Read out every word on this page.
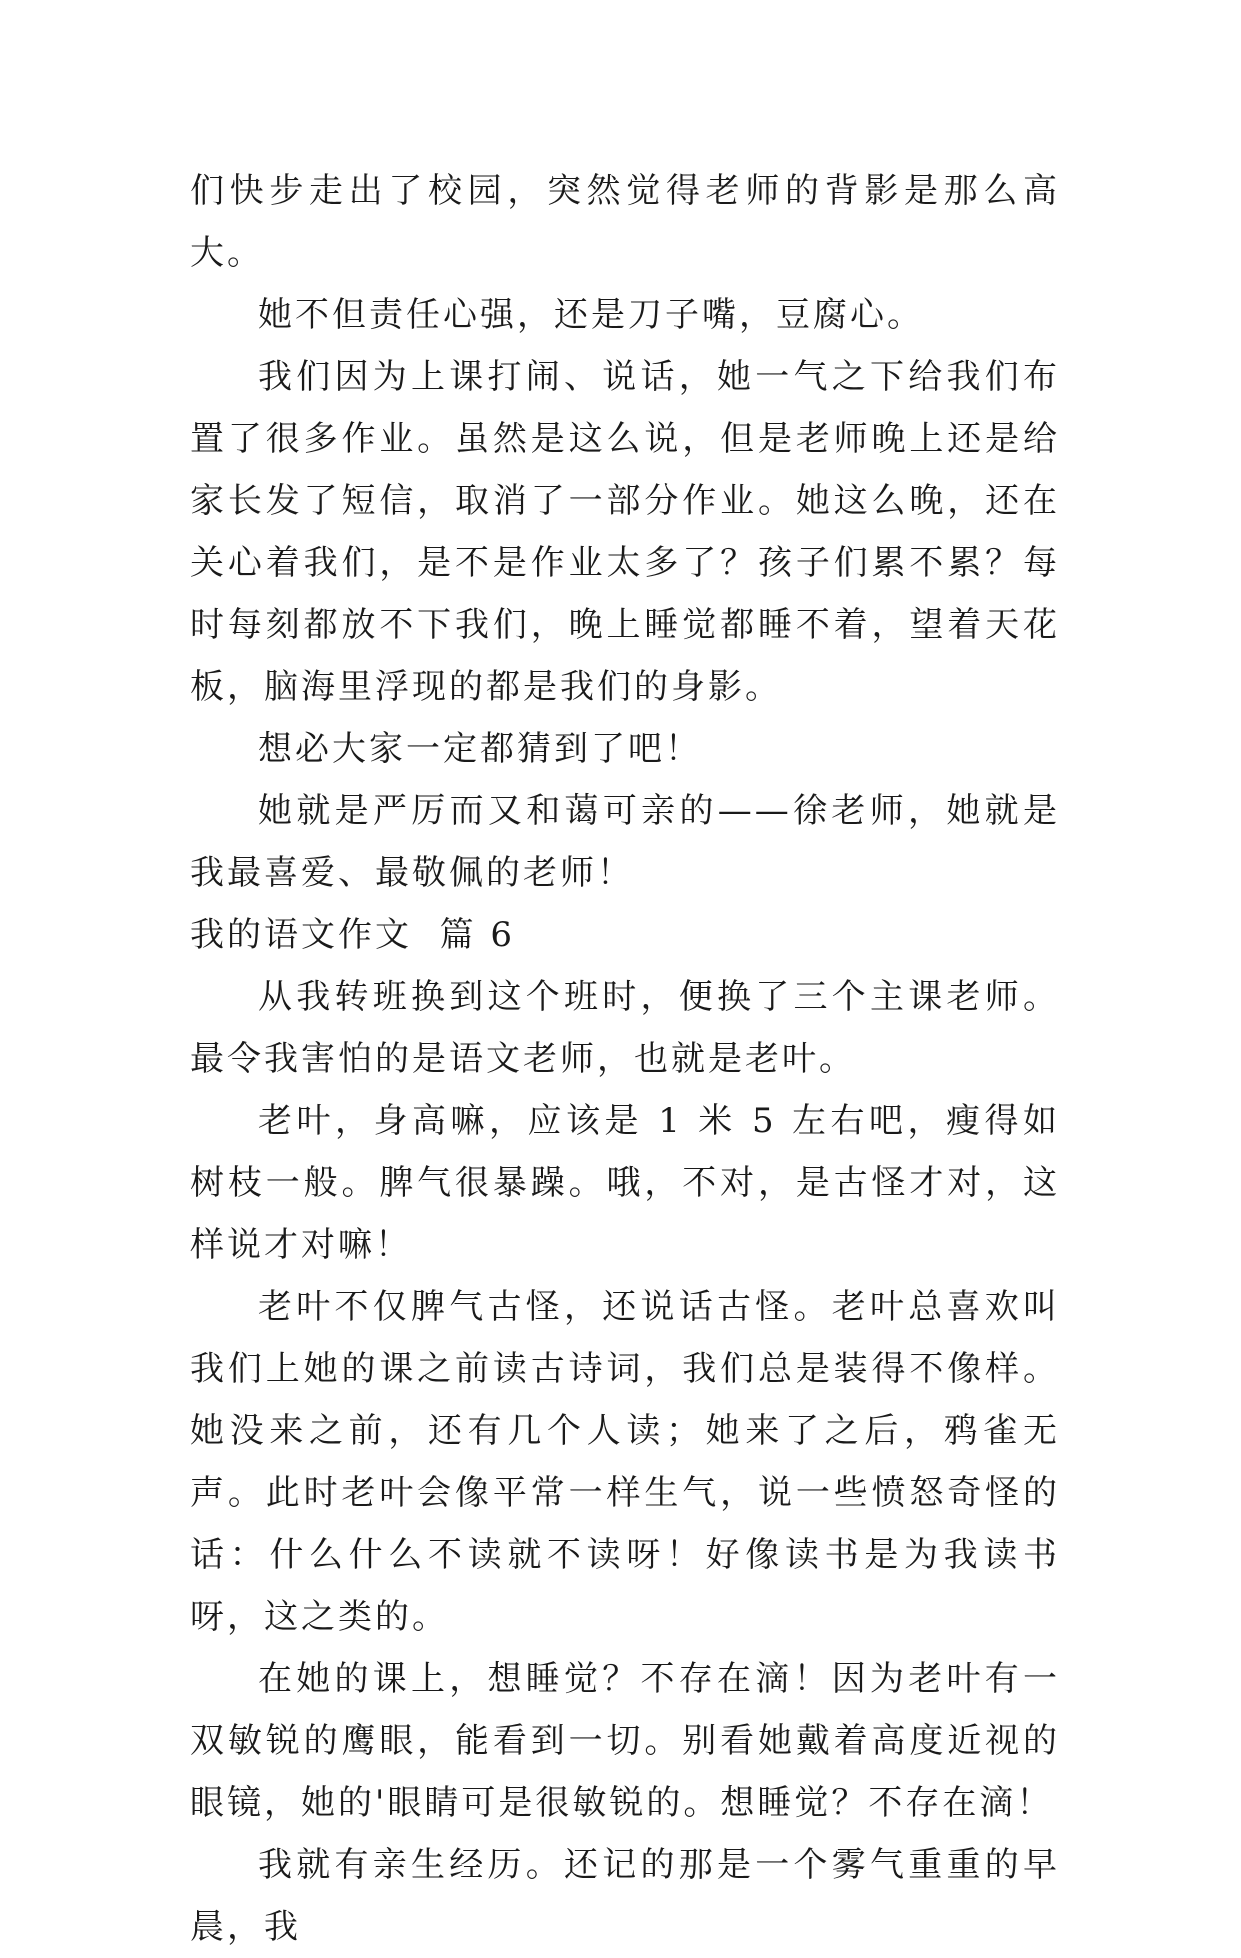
们快步走出了校园，突然觉得老师的背影是那么高大。

她不但责任心强，还是刀子嘴，豆腐心。

我们因为上课打闹、说话，她一气之下给我们布置了很多作业。虽然是这么说，但是老师晚上还是给家长发了短信，取消了一部分作业。她这么晚，还在关心着我们，是不是作业太多了？孩子们累不累？每时每刻都放不下我们，晚上睡觉都睡不着，望着天花板，脑海里浮现的都是我们的身影。

想必大家一定都猜到了吧！

她就是严厉而又和蔼可亲的——徐老师，她就是我最喜爱、最敬佩的老师！

我的语文作文  篇 6

从我转班换到这个班时，便换了三个主课老师。最令我害怕的是语文老师，也就是老叶。

老叶，身高嘛，应该是 1 米 5 左右吧，瘦得如树枝一般。脾气很暴躁。哦，不对，是古怪才对，这样说才对嘛！

老叶不仅脾气古怪，还说话古怪。老叶总喜欢叫我们上她的课之前读古诗词，我们总是装得不像样。她没来之前，还有几个人读；她来了之后，鸦雀无声。此时老叶会像平常一样生气，说一些愤怒奇怪的话：什么什么不读就不读呀！好像读书是为我读书呀，这之类的。

在她的课上，想睡觉？不存在滴！因为老叶有一双敏锐的鹰眼，能看到一切。别看她戴着高度近视的眼镜，她的'眼睛可是很敏锐的。想睡觉？不存在滴！

我就有亲生经历。还记的那是一个雾气重重的早晨，我
